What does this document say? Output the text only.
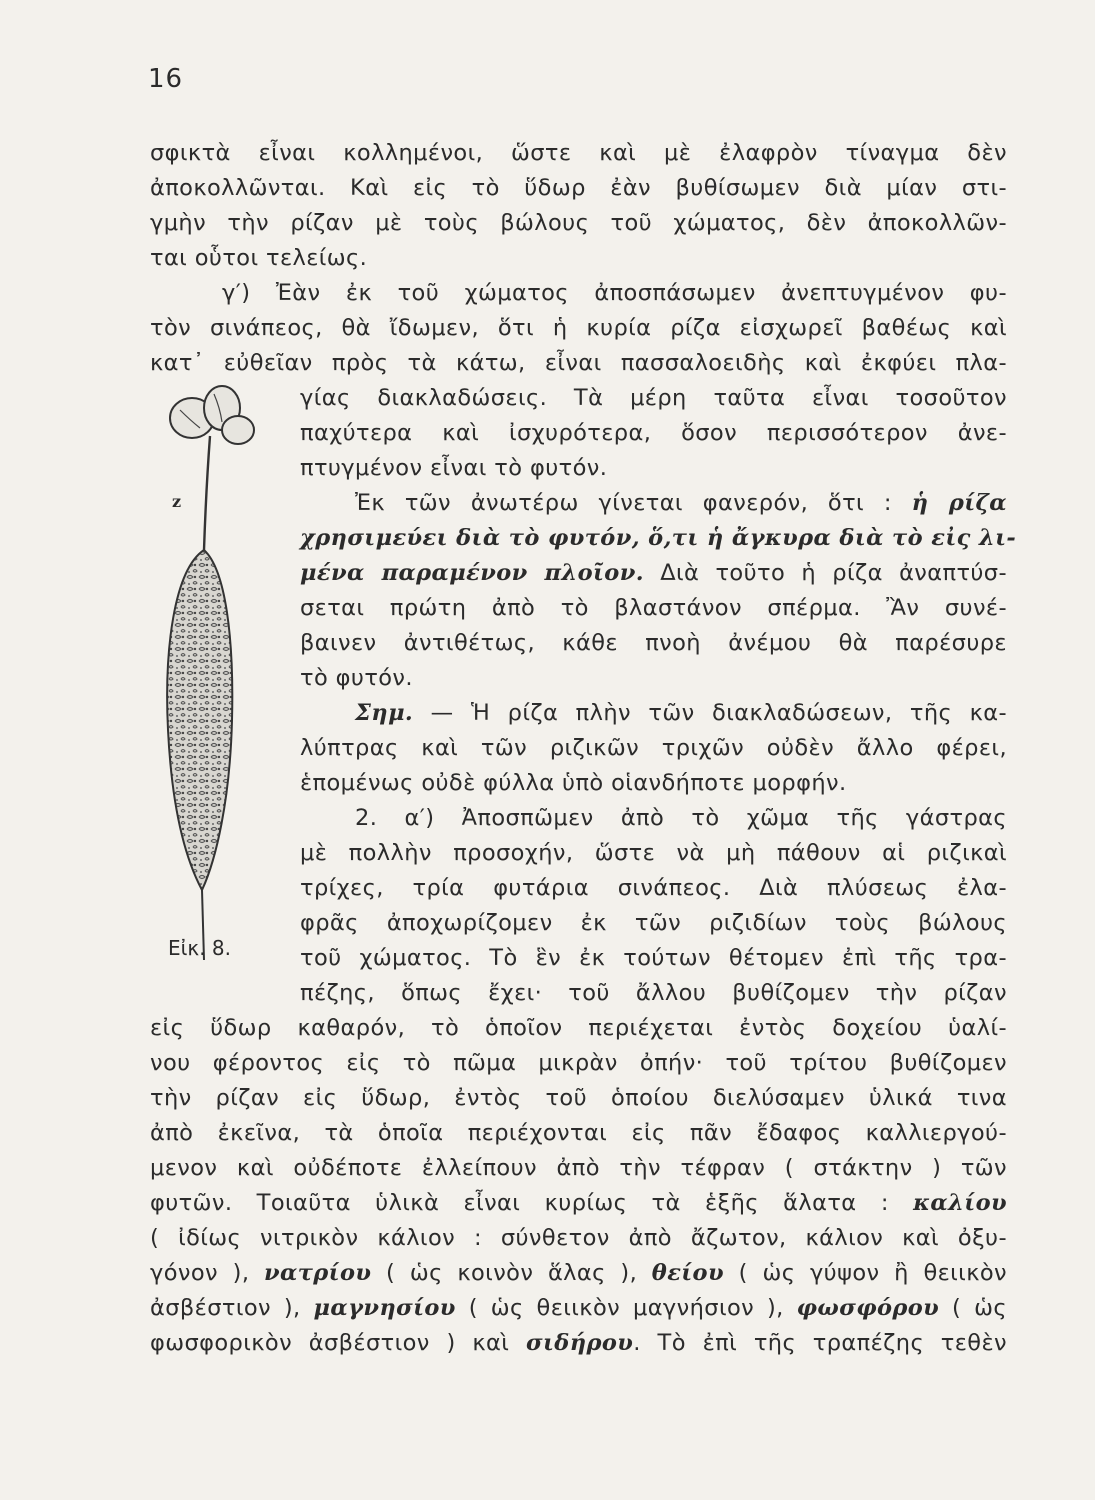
16
z
Εἰκ. 8.
σφικτὰ εἶναι κολλημένοι, ὥστε καὶ μὲ ἐλαφρὸν τίναγμα δὲν
ἀποκολλῶνται. Καὶ εἰς τὸ ὕδωρ ἐὰν βυθίσωμεν διὰ μίαν στι-
γμὴν τὴν ρίζαν μὲ τοὺς βώλους τοῦ χώματος, δὲν ἀποκολλῶν-
ται οὗτοι τελείως.
γ′) Ἐὰν ἐκ τοῦ χώματος ἀποσπάσωμεν ἀνεπτυγμένον φυ-
τὸν σινάπεος, θὰ ἴδωμεν, ὅτι ἡ κυρία ρίζα εἰσχωρεῖ βαθέως καὶ
κατ᾿ εὐθεῖαν πρὸς τὰ κάτω, εἶναι πασσαλοειδὴς καὶ ἐκφύει πλα-
γίας διακλαδώσεις. Τὰ μέρη ταῦτα εἶναι τοσοῦτον
παχύτερα καὶ ἰσχυρότερα, ὅσον περισσότερον ἀνε-
πτυγμένον εἶναι τὸ φυτόν.
Ἐκ τῶν ἀνωτέρω γίνεται φανερόν, ὅτι : ἡ ρίζα
χρησιμεύει διὰ τὸ φυτόν, ὅ,τι ἡ ἄγκυρα διὰ τὸ εἰς λι-
μένα παραμένον πλοῖον. Διὰ τοῦτο ἡ ρίζα ἀναπτύσ-
σεται πρώτη ἀπὸ τὸ βλαστάνον σπέρμα. Ἂν συνέ-
βαινεν ἀντιθέτως, κάθε πνοὴ ἀνέμου θὰ παρέσυρε
τὸ φυτόν.
Σημ. — Ἡ ρίζα πλὴν τῶν διακλαδώσεων, τῆς κα-
λύπτρας καὶ τῶν ριζικῶν τριχῶν οὐδὲν ἄλλο φέρει,
ἑπομένως οὐδὲ φύλλα ὑπὸ οἱανδήποτε μορφήν.
2. α′) Ἀποσπῶμεν ἀπὸ τὸ χῶμα τῆς γάστρας
μὲ πολλὴν προσοχήν, ὥστε νὰ μὴ πάθουν αἱ ριζικαὶ
τρίχες, τρία φυτάρια σινάπεος. Διὰ πλύσεως ἐλα-
φρᾶς ἀποχωρίζομεν ἐκ τῶν ριζιδίων τοὺς βώλους
τοῦ χώματος. Τὸ ἓν ἐκ τούτων θέτομεν ἐπὶ τῆς τρα-
πέζης, ὅπως ἔχει· τοῦ ἄλλου βυθίζομεν τὴν ρίζαν
εἰς ὕδωρ καθαρόν, τὸ ὁποῖον περιέχεται ἐντὸς δοχείου ὑαλί-
νου φέροντος εἰς τὸ πῶμα μικρὰν ὀπήν· τοῦ τρίτου βυθίζομεν
τὴν ρίζαν εἰς ὕδωρ, ἐντὸς τοῦ ὁποίου διελύσαμεν ὑλικά τινα
ἀπὸ ἐκεῖνα, τὰ ὁποῖα περιέχονται εἰς πᾶν ἔδαφος καλλιεργού-
μενον καὶ οὐδέποτε ἐλλείπουν ἀπὸ τὴν τέφραν ( στάκτην ) τῶν
φυτῶν. Τοιαῦτα ὑλικὰ εἶναι κυρίως τὰ ἑξῆς ἅλατα : καλίου
( ἰδίως νιτρικὸν κάλιον : σύνθετον ἀπὸ ἄζωτον, κάλιον καὶ ὀξυ-
γόνον ), νατρίου ( ὡς κοινὸν ἅλας ), θείου ( ὡς γύψον ἢ θειικὸν
ἀσβέστιον ), μαγνησίου ( ὡς θειικὸν μαγνήσιον ), φωσφόρου ( ὡς
φωσφορικὸν ἀσβέστιον ) καὶ σιδήρου. Τὸ ἐπὶ τῆς τραπέζης τεθὲν
